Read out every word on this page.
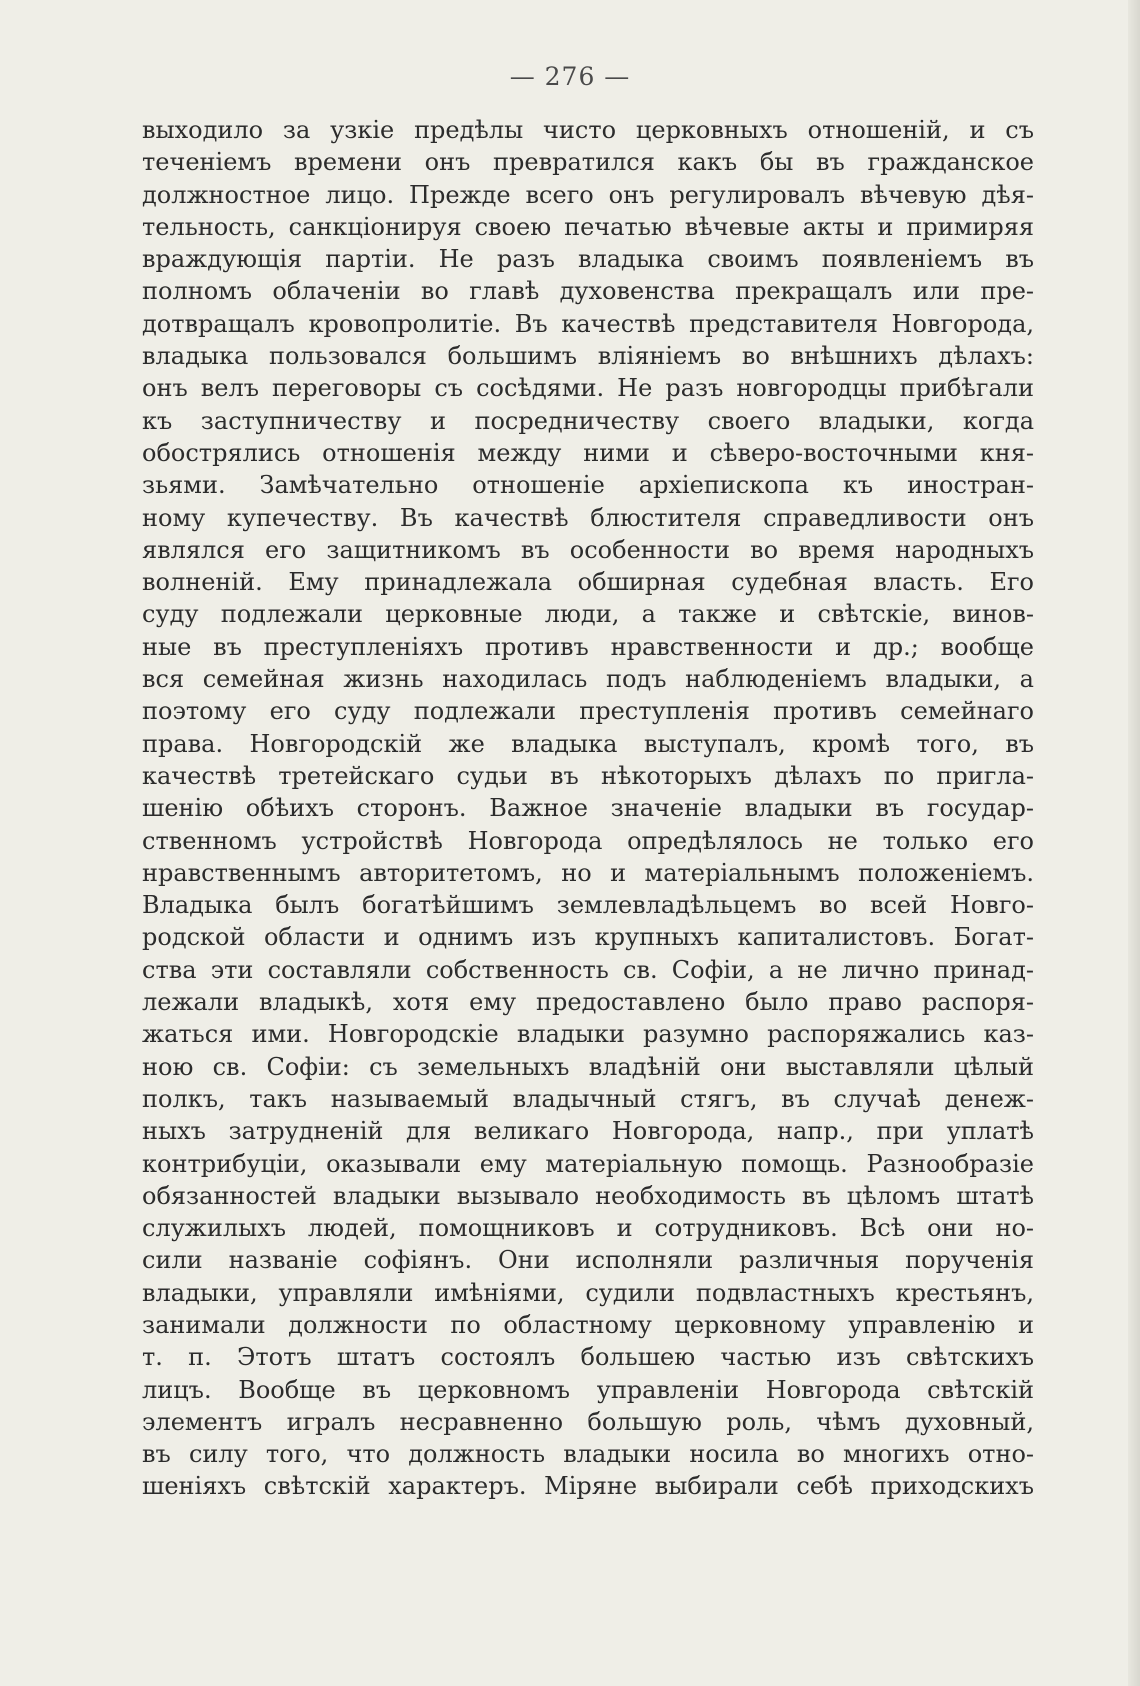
— 276 —
выходило за узкіе предѣлы чисто церковныхъ отношеній, и съ
теченіемъ времени онъ превратился какъ бы въ гражданское
должностное лицо. Прежде всего онъ регулировалъ вѣчевую дѣя-
тельность, санкціонируя своею печатью вѣчевые акты и примиряя
враждующія партіи. Не разъ владыка своимъ появленіемъ въ
полномъ облаченіи во главѣ духовенства прекращалъ или пре-
дотвращалъ кровопролитіе. Въ качествѣ представителя Новгорода,
владыка пользовался большимъ вліяніемъ во внѣшнихъ дѣлахъ:
онъ велъ переговоры съ сосѣдями. Не разъ новгородцы прибѣгали
къ заступничеству и посредничеству своего владыки, когда
обострялись отношенія между ними и сѣверо-восточными кня-
зьями. Замѣчательно отношеніе архіепископа къ иностран-
ному купечеству. Въ качествѣ блюстителя справедливости онъ
являлся его защитникомъ въ особенности во время народныхъ
волненій. Ему принадлежала обширная судебная власть. Его
суду подлежали церковные люди, а также и свѣтскіе, винов-
ные въ преступленіяхъ противъ нравственности и др.; вообще
вся семейная жизнь находилась подъ наблюденіемъ владыки, а
поэтому его суду подлежали преступленія противъ семейнаго
права. Новгородскій же владыка выступалъ, кромѣ того, въ
качествѣ третейскаго судьи въ нѣкоторыхъ дѣлахъ по пригла-
шенію обѣихъ сторонъ. Важное значеніе владыки въ государ-
ственномъ устройствѣ Новгорода опредѣлялось не только его
нравственнымъ авторитетомъ, но и матеріальнымъ положеніемъ.
Владыка былъ богатѣйшимъ землевладѣльцемъ во всей Новго-
родской области и однимъ изъ крупныхъ капиталистовъ. Богат-
ства эти составляли собственность св. Софіи, а не лично принад-
лежали владыкѣ, хотя ему предоставлено было право распоря-
жаться ими. Новгородскіе владыки разумно распоряжались каз-
ною св. Софіи: съ земельныхъ владѣній они выставляли цѣлый
полкъ, такъ называемый владычный стягъ, въ случаѣ денеж-
ныхъ затрудненій для великаго Новгорода, напр., при уплатѣ
контрибуціи, оказывали ему матеріальную помощь. Разнообразіе
обязанностей владыки вызывало необходимость въ цѣломъ штатѣ
служилыхъ людей, помощниковъ и сотрудниковъ. Всѣ они но-
сили названіе софіянъ. Они исполняли различныя порученія
владыки, управляли имѣніями, судили подвластныхъ крестьянъ,
занимали должности по областному церковному управленію и
т. п. Этотъ штатъ состоялъ большею частью изъ свѣтскихъ
лицъ. Вообще въ церковномъ управленіи Новгорода свѣтскій
элементъ игралъ несравненно большую роль, чѣмъ духовный,
въ силу того, что должность владыки носила во многихъ отно-
шеніяхъ свѣтскій характеръ. Міряне выбирали себѣ приходскихъ
